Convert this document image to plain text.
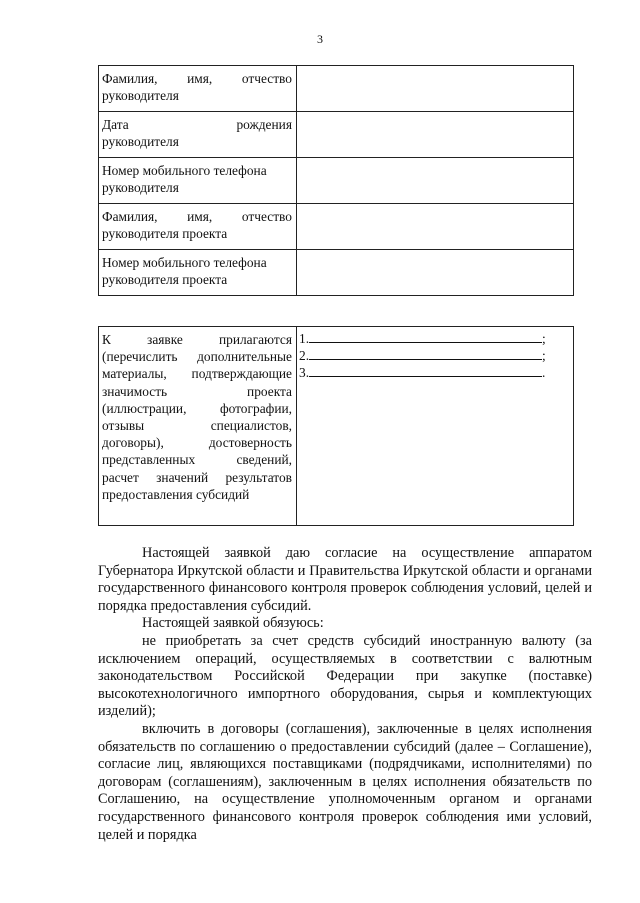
3
Фамилия, имя, отчество
руководителя	

Дата рождения
руководителя	

Номер мобильного телефона
руководителя	

Фамилия, имя, отчество
руководителя проекта	

Номер мобильного телефона
руководителя проекта	

К заявке прилагаются (перечислить дополнительные материалы, подтверждающие значимость проекта (иллюстрации, фотографии, отзывы специалистов, договоры), достоверность представленных сведений, расчет значений результатов предоставления субсидий	
1.	;
2.	;
3.	.

Настоящей заявкой даю согласие на осуществление аппаратом Губернатора Иркутской области и Правительства Иркутской области и органами государственного финансового контроля проверок соблюдения условий, целей и порядка предоставления субсидий.

Настоящей заявкой обязуюсь:

не приобретать за счет средств субсидий иностранную валюту (за исключением операций, осуществляемых в соответствии с валютным законодательством Российской Федерации при закупке (поставке) высокотехнологичного импортного оборудования, сырья и комплектующих изделий);

включить в договоры (соглашения), заключенные в целях исполнения обязательств по соглашению о предоставлении субсидий (далее – Соглашение), согласие лиц, являющихся поставщиками (подрядчиками, исполнителями) по договорам (соглашениям), заключенным в целях исполнения обязательств по Соглашению, на осуществление уполномоченным органом и органами государственного финансового контроля проверок соблюдения ими условий, целей и порядка
